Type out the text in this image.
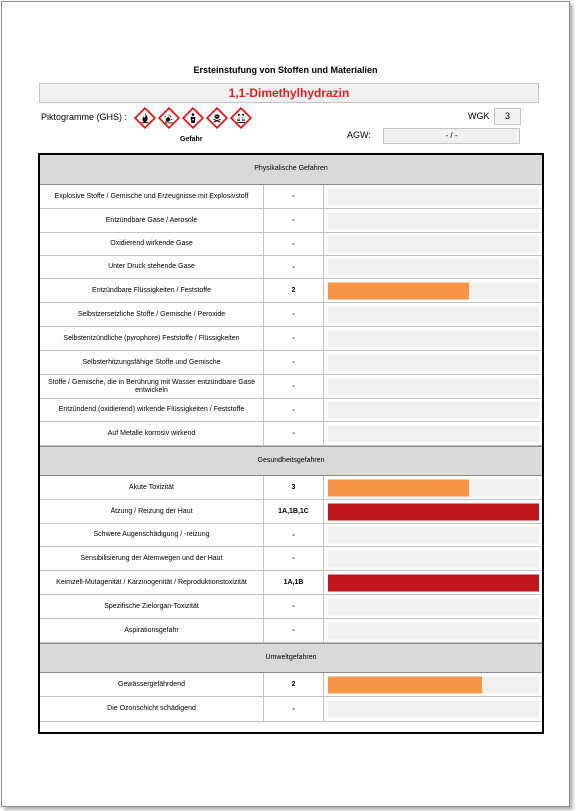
Ersteinstufung von Stoffen und Materialien
1,1-Dimethylhydrazin
Piktogramme (GHS) :
Gefahr
WGK	3
AGW:	- / -
Physikalische Gefahren
Explosive Stoffe / Gemische und Erzeugnisse mit Explosivstoff	-
Entzündbare Gase / Aerosole	-
Oxidierend wirkende Gase	-
Unter Druck stehende Gase	-
Entzündbare Flüssigkeiten / Feststoffe	2
Selbstzersetzliche Stoffe / Gemische / Peroxide	-
Selbstentzündliche (pyrophore) Feststoffe / Flüssigkeiten	-
Selbsterhitzungsfähige Stoffe und Gemische	-
Stoffe / Gemische, die in Berührung mit Wasser entzündbare Gase entwickeln	-
Entzündend (oxidierend) wirkende Flüssigkeiten / Feststoffe	-
Auf Metalle korrosiv wirkend	-
Gesundheitsgefahren
Akute Toxizität	3
Ätzung / Reizung der Haut	1A,1B,1C
Schwere Augenschädigung / -reizung	-
Sensibilisierung der Atemwegen und der Haut	-
Keimzell-Mutagenität / Karzinogenität / Reproduktionstoxizität	1A,1B
Spezifische Zielorgan-Toxizität	-
Aspirationsgefahr	-
Umweltgefahren
Gewässergefährdend	2
Die Ozonschicht schädigend	-
